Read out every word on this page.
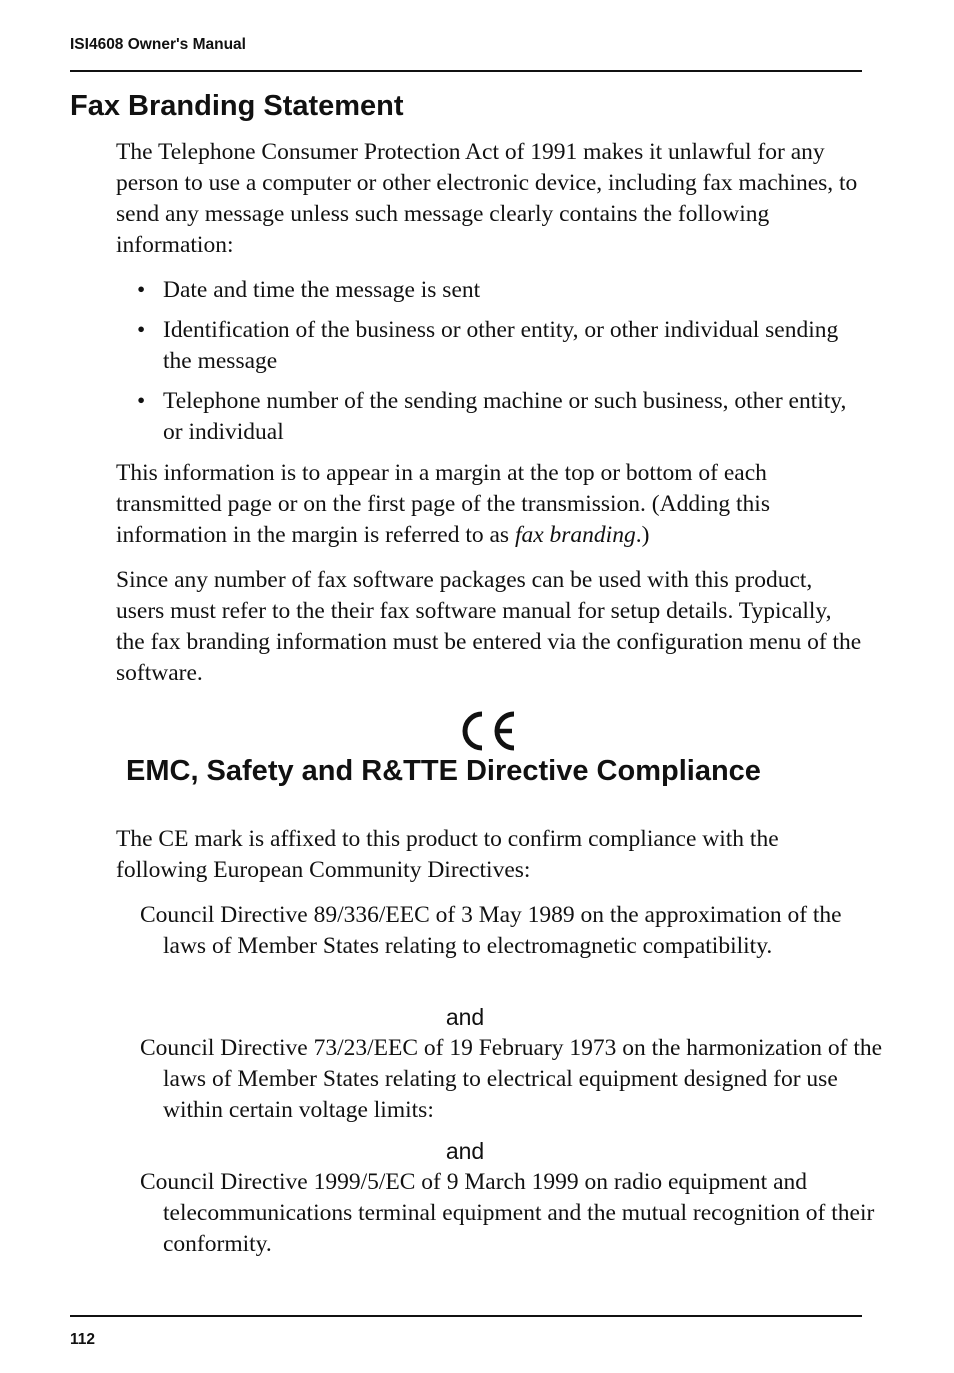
ISI4608 Owner's Manual
Fax Branding Statement

The Telephone Consumer Protection Act of 1991 makes it unlawful for any person to use a computer or other electronic device, including fax machines, to send any message unless such message clearly contains the following information:

• Date and time the message is sent
• Identification of the business or other entity, or other individual sending the message
• Telephone number of the sending machine or such business, other entity, or individual

This information is to appear in a margin at the top or bottom of each transmitted page or on the first page of the transmission. (Adding this information in the margin is referred to as fax branding.)

Since any number of fax software packages can be used with this product, users must refer to the their fax software manual for setup details. Typically, the fax branding information must be entered via the configuration menu of the software.

EMC, Safety and R&TTE Directive Compliance

The CE mark is affixed to this product to confirm compliance with the following European Community Directives:

Council Directive 89/336/EEC of 3 May 1989 on the approximation of the laws of Member States relating to electromagnetic compatibility.

and

Council Directive 73/23/EEC of 19 February 1973 on the harmonization of the laws of Member States relating to electrical equipment designed for use within certain voltage limits:

and

Council Directive 1999/5/EC of 9 March 1999 on radio equipment and telecommunications terminal equipment and the mutual recognition of their conformity.

112
